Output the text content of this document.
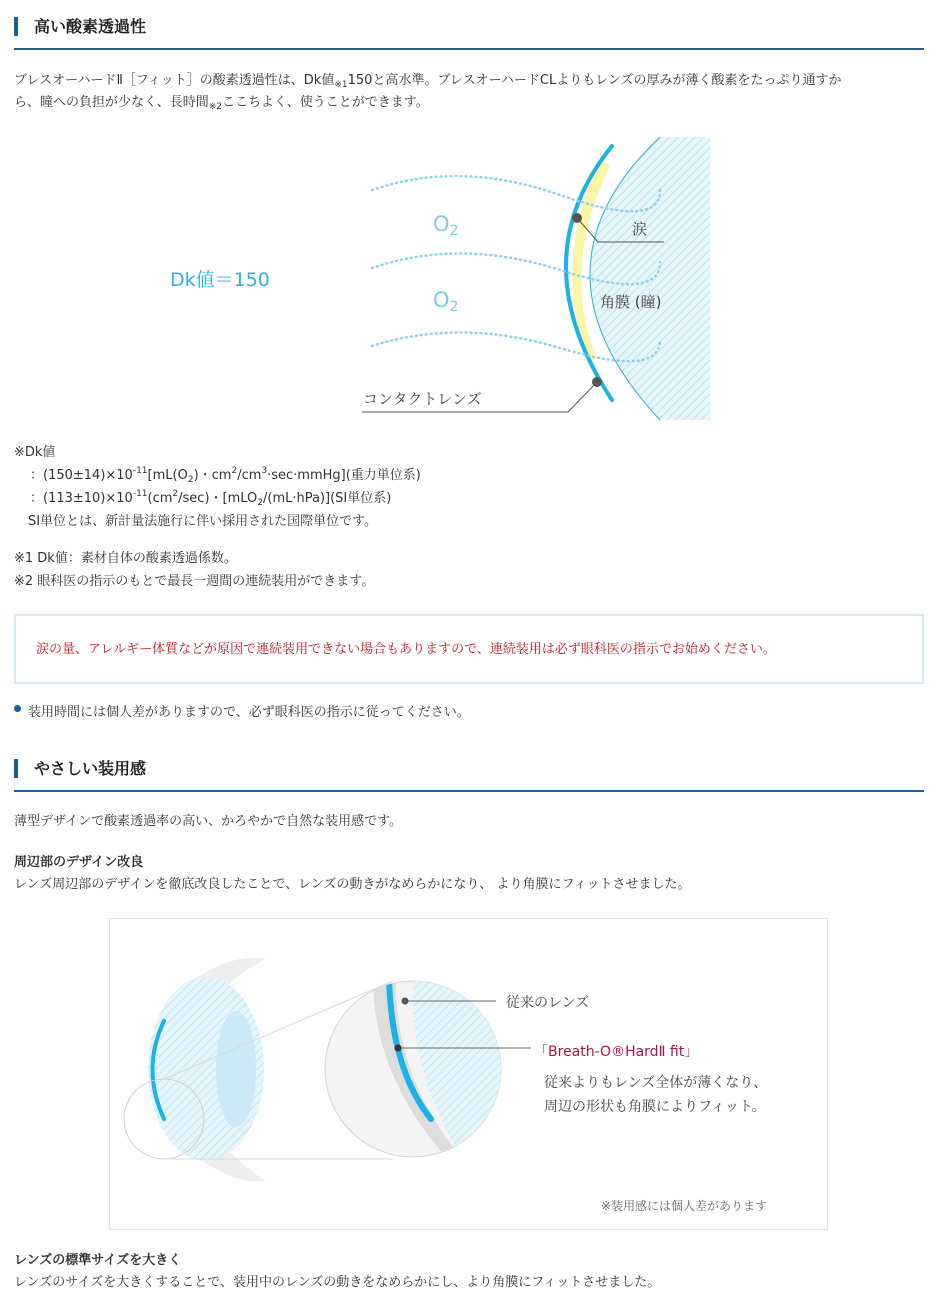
高い酸素透過性
ブレスオーハードⅡ［フィット］の酸素透過性は、Dk値$_{※1}$150と高水準。ブレスオーハードCLよりもレンズの厚みが薄く酸素をたっぷり通すか
ら、瞳への負担が少なく、長時間$_{※2}$ここちよく、使うことができます。
Dk値＝150
O2
O2
涙
角膜 (瞳)
コンタクトレンズ
※Dk値
：$(150\pm 14)\times 10^{-11}[mL(O_2)$・$cm^2/cm^3\cdot\sec\cdot mmHg$](重力単位系)
：$(113\pm 10)\times 10^{-11}(cm^2/\sec)$・[mLO$_2$/(mL·hPa)](SI単位系)
SI単位とは、新計量法施行に伴い採用された国際単位です。
※1 Dk値：素材自体の酸素透過係数。
※2 眼科医の指示のもとで最長一週間の連続装用ができます。
涙の量、アレルギー体質などが原因で連続装用できない場合もありますので、連続装用は必ず眼科医の指示でお始めください。
装用時間には個人差がありますので、必ず眼科医の指示に従ってください。
やさしい装用感
薄型デザインで酸素透過率の高い、かろやかで自然な装用感です。
周辺部のデザイン改良
レンズ周辺部のデザインを徹底改良したことで、レンズの動きがなめらかになり、 より角膜にフィットさせました。
従来のレンズ
「Breath-O®HardⅡ fit」
従来よりもレンズ全体が薄くなり、
周辺の形状も角膜によりフィット。
※装用感には個人差があります
レンズの標準サイズを大きく
レンズのサイズを大きくすることで、装用中のレンズの動きをなめらかにし、より角膜にフィットさせました。
